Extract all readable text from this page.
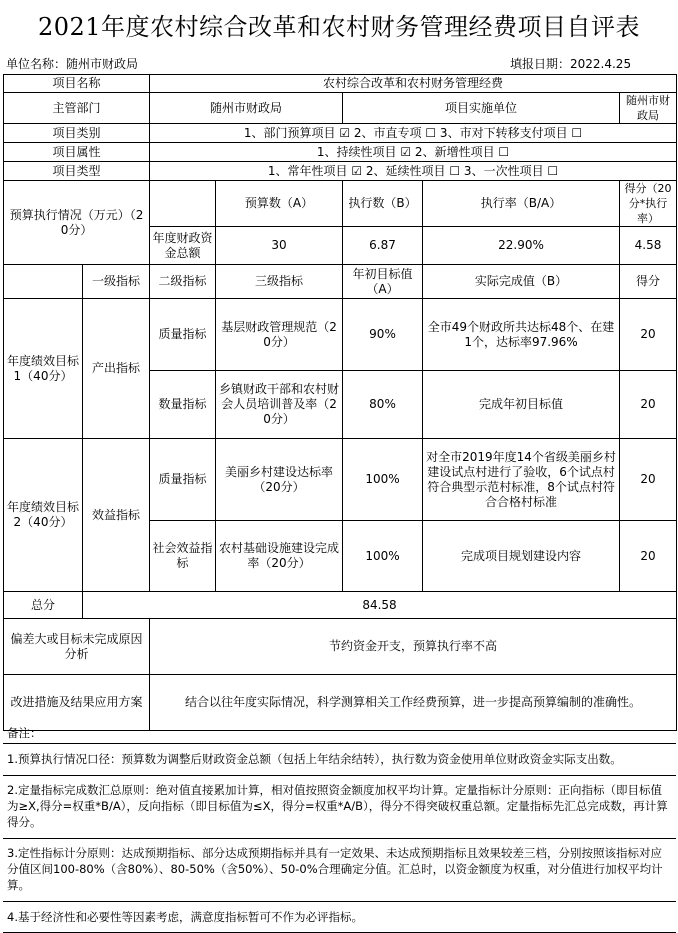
2021年度农村综合改革和农村财务管理经费项目自评表
单位名称：随州市财政局	填报日期：2022.4.25
项目名称		农村综合改革和农村财务管理经费				
主管部门		随州市财政局		项目实施单位		随州市财政局
项目类别		1、部门预算项目 ☑ 2、市直专项 ☐ 3、市对下转移支付项目 ☐				
项目属性		1、持续性项目 ☑ 2、新增性项目 ☐				
项目类型		1、常年性项目 ☑ 2、延续性项目 ☐ 3、一次性项目 ☐				
预算执行情况（万元）（20分）			预算数（A）	执行数（B）	执行率（B/A）	得分（20分*执行率）
		年度财政资金总额	30	6.87	22.90%	4.58
	一级指标	二级指标	三级指标	年初目标值（A）	实际完成值（B）	得分
年度绩效目标1（40分）	产出指标	质量指标	基层财政管理规范（20分）	90%	全市49个财政所共达标48个、在建1个，达标率97.96%	20
		数量指标	乡镇财政干部和农村财会人员培训普及率（20分）	80%	完成年初目标值	20
年度绩效目标2（40分）	效益指标	质量指标	美丽乡村建设达标率（20分）	100%	对全市2019年度14个省级美丽乡村建设试点村进行了验收，6个试点村符合典型示范村标准，8个试点村符合合格村标准	20
		社会效益指标	农村基础设施建设完成率（20分）	100%	完成项目规划建设内容	20
总分	84.58					
偏差大或目标未完成原因分析		节约资金开支，预算执行率不高				
改进措施及结果应用方案		结合以往年度实际情况，科学测算相关工作经费预算，进一步提高预算编制的准确性。				
备注：
1.预算执行情况口径：预算数为调整后财政资金总额（包括上年结余结转），执行数为资金使用单位财政资金实际支出数。
2.定量指标完成数汇总原则：绝对值直接累加计算，相对值按照资金额度加权平均计算。定量指标计分原则：正向指标（即目标值为≥X,得分=权重*B/A），反向指标（即目标值为≤X，得分=权重*A/B），得分不得突破权重总额。定量指标先汇总完成数，再计算得分。
3.定性指标计分原则：达成预期指标、部分达成预期指标并具有一定效果、未达成预期指标且效果较差三档，分别按照该指标对应分值区间100-80%（含80%）、80-50%（含50%）、50-0%合理确定分值。汇总时，以资金额度为权重，对分值进行加权平均计算。
4.基于经济性和必要性等因素考虑，满意度指标暂可不作为必评指标。
